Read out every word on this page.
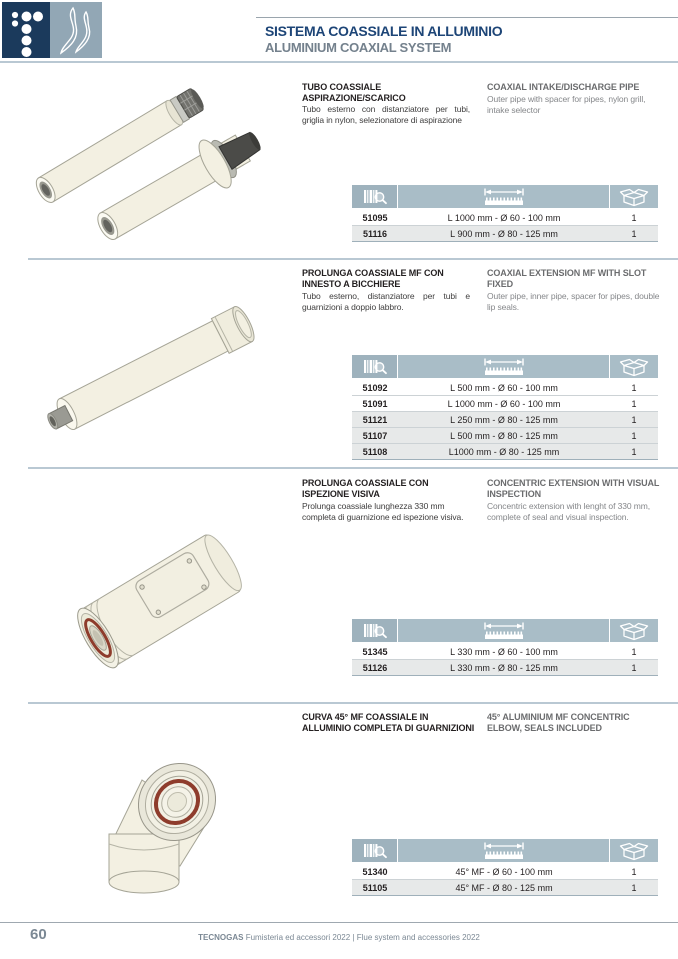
SISTEMA COASSIALE IN ALLUMINIO
ALUMINIUM COAXIAL SYSTEM
TUBO COASSIALE ASPIRAZIONE/SCARICO
Tubo esterno con distanziatore per tubi, griglia in nylon, selezionatore di aspirazione
COAXIAL INTAKE/DISCHARGE PIPE
Outer pipe with spacer for pipes, nylon grill, intake selector
51095	L 1000 mm - Ø 60 - 100 mm	1
51116	L 900 mm - Ø 80 - 125 mm	1
PROLUNGA COASSIALE MF CON INNESTO A BICCHIERE
Tubo esterno, distanziatore per tubi e guarnizioni a doppio labbro.
COAXIAL EXTENSION MF WITH SLOT FIXED
Outer pipe, inner pipe, spacer for pipes, double lip seals.
51092	L 500 mm - Ø 60 - 100 mm	1
51091	L 1000 mm - Ø 60 - 100 mm	1
51121	L 250 mm - Ø 80 - 125 mm	1
51107	L 500 mm - Ø 80 - 125 mm	1
51108	L1000 mm - Ø 80 - 125 mm	1
PROLUNGA COASSIALE CON ISPEZIONE VISIVA
Prolunga coassiale lunghezza 330 mm completa di guarnizione ed ispezione visiva.
CONCENTRIC EXTENSION WITH VISUAL INSPECTION
Concentric extension with lenght of 330 mm, complete of seal and visual inspection.
51345	L 330 mm - Ø 60 - 100 mm	1
51126	L 330 mm - Ø 80 - 125 mm	1
CURVA 45° MF COASSIALE IN ALLUMINIO COMPLETA DI GUARNIZIONI
45° ALUMINIUM MF CONCENTRIC ELBOW, SEALS INCLUDED
51340	45° MF - Ø 60 - 100 mm	1
51105	45° MF - Ø 80 - 125 mm	1
60	TECNOGAS Fumisteria ed accessori 2022 | Flue system and accessories 2022
